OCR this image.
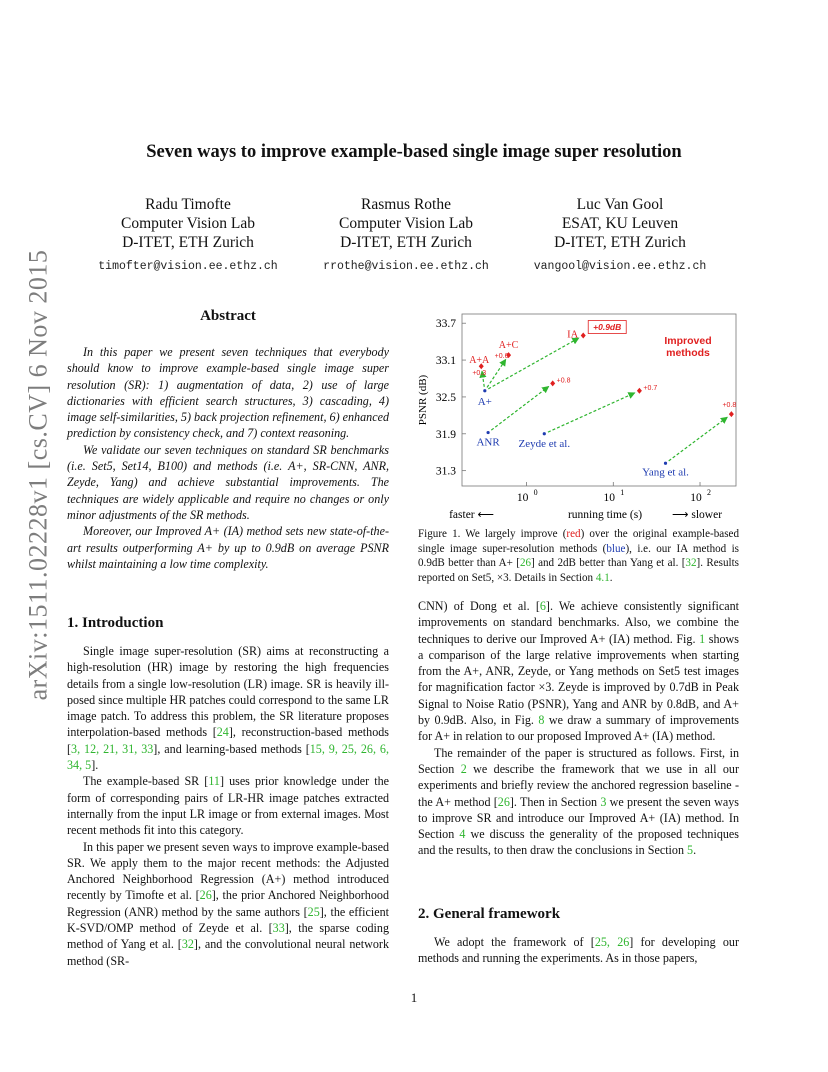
arXiv:1511.02228v1 [cs.CV] 6 Nov 2015
Seven ways to improve example-based single image super resolution
Radu Timofte
Computer Vision Lab
D-ITET, ETH Zurich
timofter@vision.ee.ethz.ch
Rasmus Rothe
Computer Vision Lab
D-ITET, ETH Zurich
rrothe@vision.ee.ethz.ch
Luc Van Gool
ESAT, KU Leuven
D-ITET, ETH Zurich
vangool@vision.ee.ethz.ch
Abstract

In this paper we present seven techniques that everybody should know to improve example-based single image super resolution (SR): 1) augmentation of data, 2) use of large dictionaries with efficient search structures, 3) cascading, 4) image self-similarities, 5) back projection refinement, 6) enhanced prediction by consistency check, and 7) context reasoning.

We validate our seven techniques on standard SR benchmarks (i.e. Set5, Set14, B100) and methods (i.e. A+, SR-CNN, ANR, Zeyde, Yang) and achieve substantial improvements. The techniques are widely applicable and require no changes or only minor adjustments of the SR methods.

Moreover, our Improved A+ (IA) method sets new state-of-the-art results outperforming A+ by up to 0.9dB on average PSNR whilst maintaining a low time complexity.

1. Introduction

Single image super-resolution (SR) aims at reconstructing a high-resolution (HR) image by restoring the high frequencies details from a single low-resolution (LR) image. SR is heavily ill-posed since multiple HR patches could correspond to the same LR image patch. To address this problem, the SR literature proposes interpolation-based methods [24], reconstruction-based methods [3, 12, 21, 31, 33], and learning-based methods [15, 9, 25, 26, 6, 34, 5].

The example-based SR [11] uses prior knowledge under the form of corresponding pairs of LR-HR image patches extracted internally from the input LR image or from external images. Most recent methods fit into this category.

In this paper we present seven ways to improve example-based SR. We apply them to the major recent methods: the Adjusted Anchored Neighborhood Regression (A+) method introduced recently by Timofte et al. [26], the prior Anchored Neighborhood Regression (ANR) method by the same authors [25], the efficient K-SVD/OMP method of Zeyde et al. [33], the sparse coding method of Yang et al. [32], and the convolutional neural network method (SR-

31.3
31.9
32.5
33.1
33.7
10 0	10 1	10 2
A+
ANR Zeyde et al.
Yang et al.
A+A
+0.3
A+C
+0.6
IA
+0.9dB
+0.8
+0.7
+0.8
PSNR (dB)
running time (s)
faster ⟵	⟶ slower
Improved
methods
Figure 1. We largely improve (red) over the original example-based single image super-resolution methods (blue), i.e. our IA method is 0.9dB better than A+ [26] and 2dB better than Yang et al. [32]. Results reported on Set5, ×3. Details in Section 4.1.

CNN) of Dong et al. [6]. We achieve consistently significant improvements on standard benchmarks. Also, we combine the techniques to derive our Improved A+ (IA) method. Fig. 1 shows a comparison of the large relative improvements when starting from the A+, ANR, Zeyde, or Yang methods on Set5 test images for magnification factor ×3. Zeyde is improved by 0.7dB in Peak Signal to Noise Ratio (PSNR), Yang and ANR by 0.8dB, and A+ by 0.9dB. Also, in Fig. 8 we draw a summary of improvements for A+ in relation to our proposed Improved A+ (IA) method.

The remainder of the paper is structured as follows. First, in Section 2 we describe the framework that we use in all our experiments and briefly review the anchored regression baseline - the A+ method [26]. Then in Section 3 we present the seven ways to improve SR and introduce our Improved A+ (IA) method. In Section 4 we discuss the generality of the proposed techniques and the results, to then draw the conclusions in Section 5.

2. General framework

We adopt the framework of [25, 26] for developing our methods and running the experiments. As in those papers,

1
